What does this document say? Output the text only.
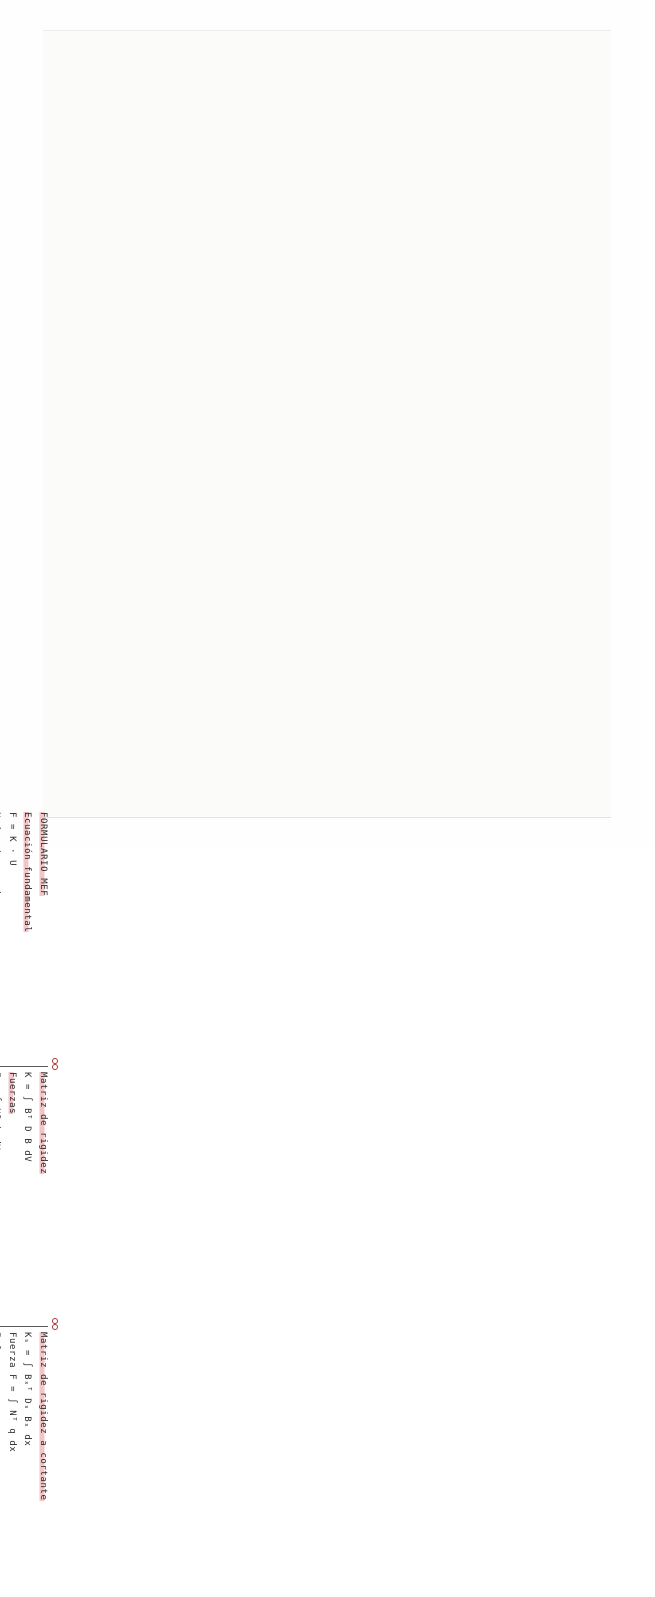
FORMULARIO MEF
Ecuación fundamental
F = K · U
Matriz de rigidez
K = ∫ Bᵀ D B dV
Fuerzas
Matriz de rigidez a cortante
Kₛ = ∫ Bₛᵀ Dₛ Bₛ dx
Fuerza F = ∫ Nᵀ q dx
